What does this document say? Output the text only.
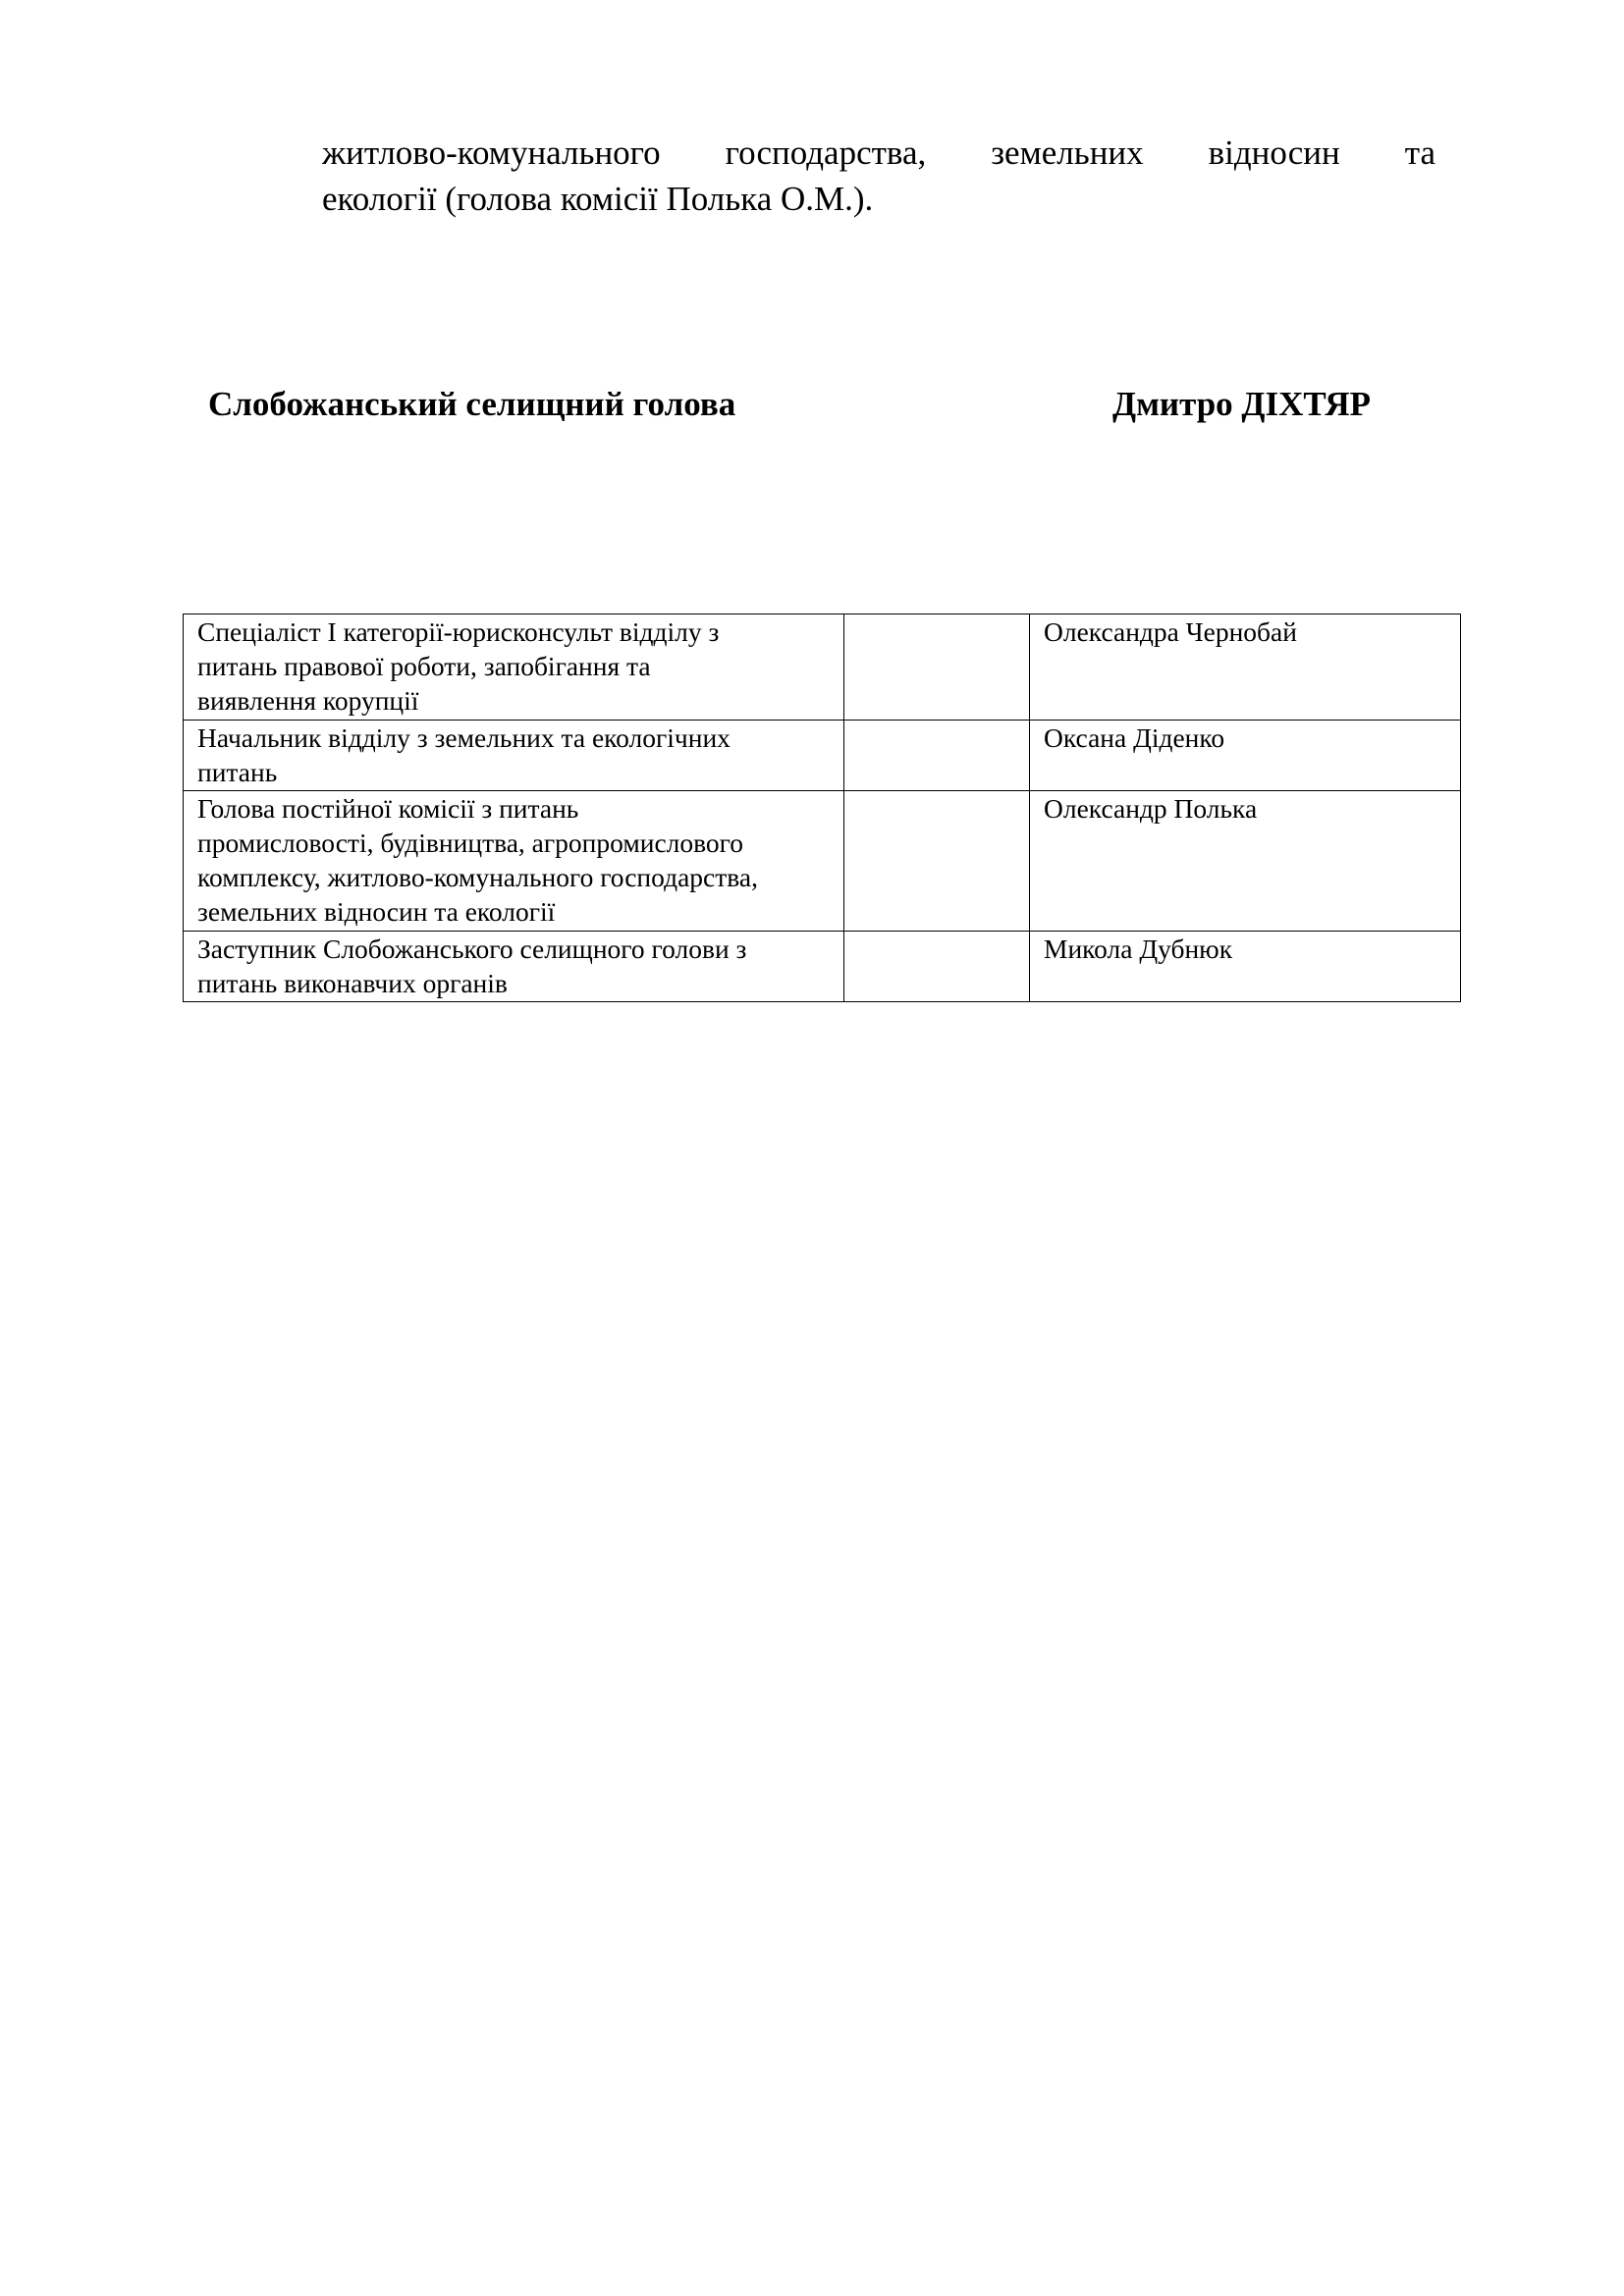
житлово-комунального господарства, земельних відносин та
екології (голова комісії Полька О.М.).
Слобожанський селищний голова	Дмитро ДІХТЯР
Спеціаліст І категорії-юрисконсульт відділу з
питань правової роботи, запобігання та
виявлення корупції		Олександра Чернобай
Начальник відділу з земельних та екологічних
питань		Оксана Діденко
Голова постійної комісії з питань
промисловості, будівництва, агропромислового
комплексу, житлово-комунального господарства,
земельних відносин та екології		Олександр Полька
Заступник Слобожанського селищного голови з
питань виконавчих органів		Микола Дубнюк
